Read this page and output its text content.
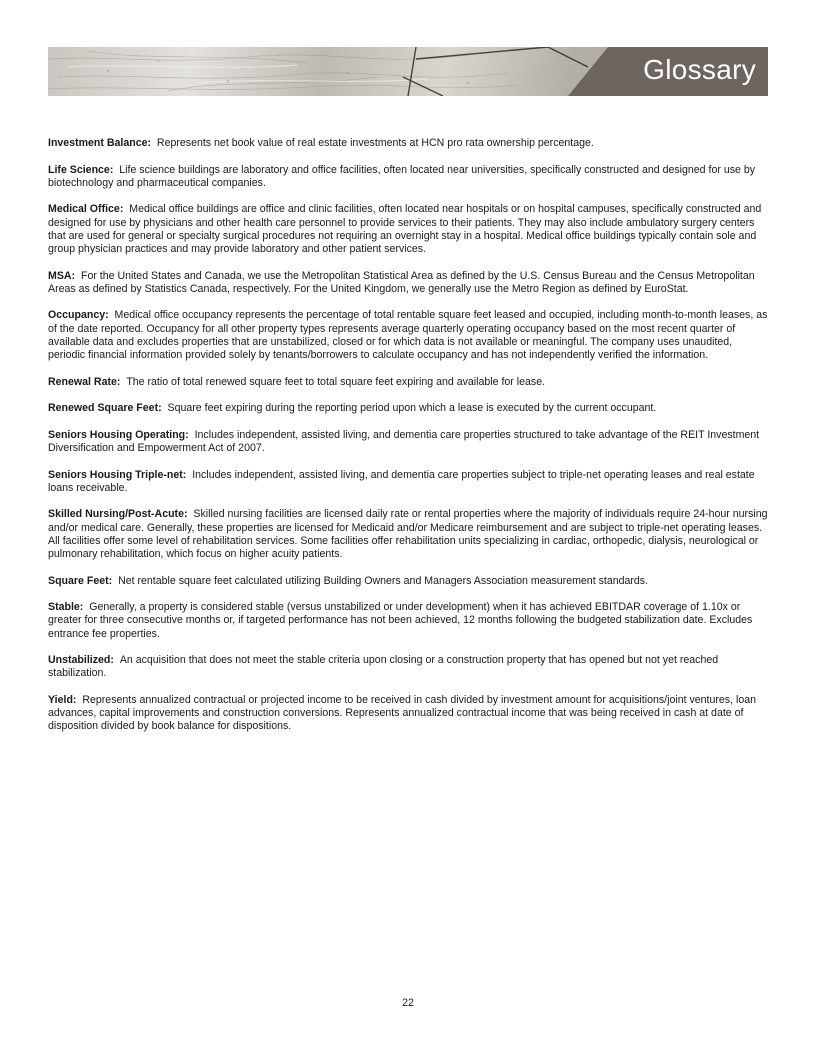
Glossary

Investment Balance: Represents net book value of real estate investments at HCN pro rata ownership percentage.

Life Science: Life science buildings are laboratory and office facilities, often located near universities, specifically constructed and designed for use by biotechnology and pharmaceutical companies.

Medical Office: Medical office buildings are office and clinic facilities, often located near hospitals or on hospital campuses, specifically constructed and designed for use by physicians and other health care personnel to provide services to their patients. They may also include ambulatory surgery centers that are used for general or specialty surgical procedures not requiring an overnight stay in a hospital. Medical office buildings typically contain sole and group physician practices and may provide laboratory and other patient services.

MSA: For the United States and Canada, we use the Metropolitan Statistical Area as defined by the U.S. Census Bureau and the Census Metropolitan Areas as defined by Statistics Canada, respectively. For the United Kingdom, we generally use the Metro Region as defined by EuroStat.

Occupancy: Medical office occupancy represents the percentage of total rentable square feet leased and occupied, including month-to-month leases, as of the date reported. Occupancy for all other property types represents average quarterly operating occupancy based on the most recent quarter of available data and excludes properties that are unstabilized, closed or for which data is not available or meaningful. The company uses unaudited, periodic financial information provided solely by tenants/borrowers to calculate occupancy and has not independently verified the information.

Renewal Rate: The ratio of total renewed square feet to total square feet expiring and available for lease.

Renewed Square Feet: Square feet expiring during the reporting period upon which a lease is executed by the current occupant.

Seniors Housing Operating: Includes independent, assisted living, and dementia care properties structured to take advantage of the REIT Investment Diversification and Empowerment Act of 2007.

Seniors Housing Triple-net: Includes independent, assisted living, and dementia care properties subject to triple-net operating leases and real estate loans receivable.

Skilled Nursing/Post-Acute: Skilled nursing facilities are licensed daily rate or rental properties where the majority of individuals require 24-hour nursing and/or medical care. Generally, these properties are licensed for Medicaid and/or Medicare reimbursement and are subject to triple-net operating leases. All facilities offer some level of rehabilitation services. Some facilities offer rehabilitation units specializing in cardiac, orthopedic, dialysis, neurological or pulmonary rehabilitation, which focus on higher acuity patients.

Square Feet: Net rentable square feet calculated utilizing Building Owners and Managers Association measurement standards.

Stable: Generally, a property is considered stable (versus unstabilized or under development) when it has achieved EBITDAR coverage of 1.10x or greater for three consecutive months or, if targeted performance has not been achieved, 12 months following the budgeted stabilization date. Excludes entrance fee properties.

Unstabilized: An acquisition that does not meet the stable criteria upon closing or a construction property that has opened but not yet reached stabilization.

Yield: Represents annualized contractual or projected income to be received in cash divided by investment amount for acquisitions/joint ventures, loan advances, capital improvements and construction conversions. Represents annualized contractual income that was being received in cash at date of disposition divided by book balance for dispositions.

22
